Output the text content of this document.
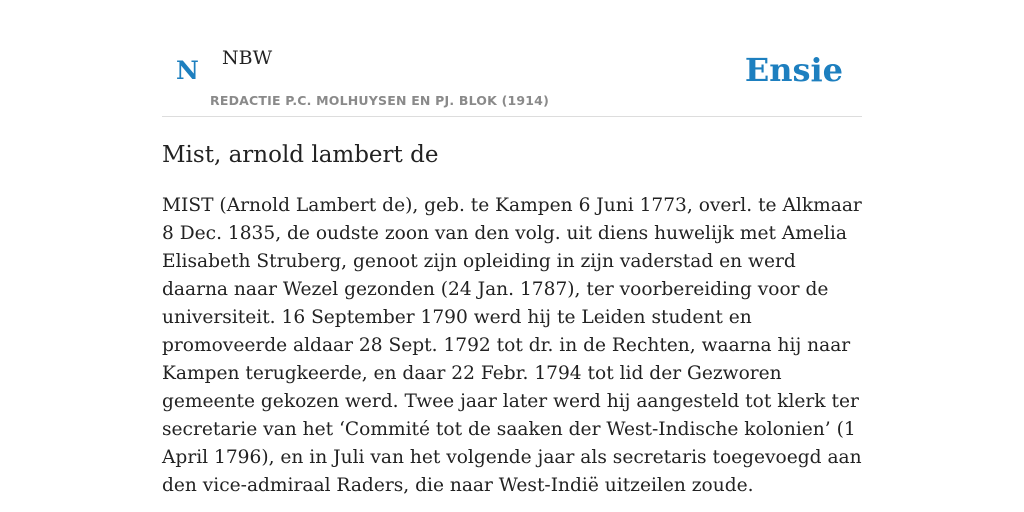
N NBW
REDACTIE P.C. MOLHUYSEN EN PJ. BLOK (1914)
Ensie
Mist, arnold lambert de

MIST (Arnold Lambert de), geb. te Kampen 6 Juni 1773, overl. te Alkmaar 8 Dec. 1835, de oudste zoon van den volg. uit diens huwelijk met Amelia Elisabeth Struberg, genoot zijn opleiding in zijn vaderstad en werd daarna naar Wezel gezonden (24 Jan. 1787), ter voorbereiding voor de universiteit. 16 September 1790 werd hij te Leiden student en promoveerde aldaar 28 Sept. 1792 tot dr. in de Rechten, waarna hij naar Kampen terugkeerde, en daar 22 Febr. 1794 tot lid der Gezworen gemeente gekozen werd. Twee jaar later werd hij aangesteld tot klerk ter secretarie van het ‘Commité tot de saaken der West-Indische kolonien’ (1 April 1796), en in Juli van het volgende jaar als secretaris toegevoegd aan den vice-admiraal Raders, die naar West-Indië uitzeilen zoude.
